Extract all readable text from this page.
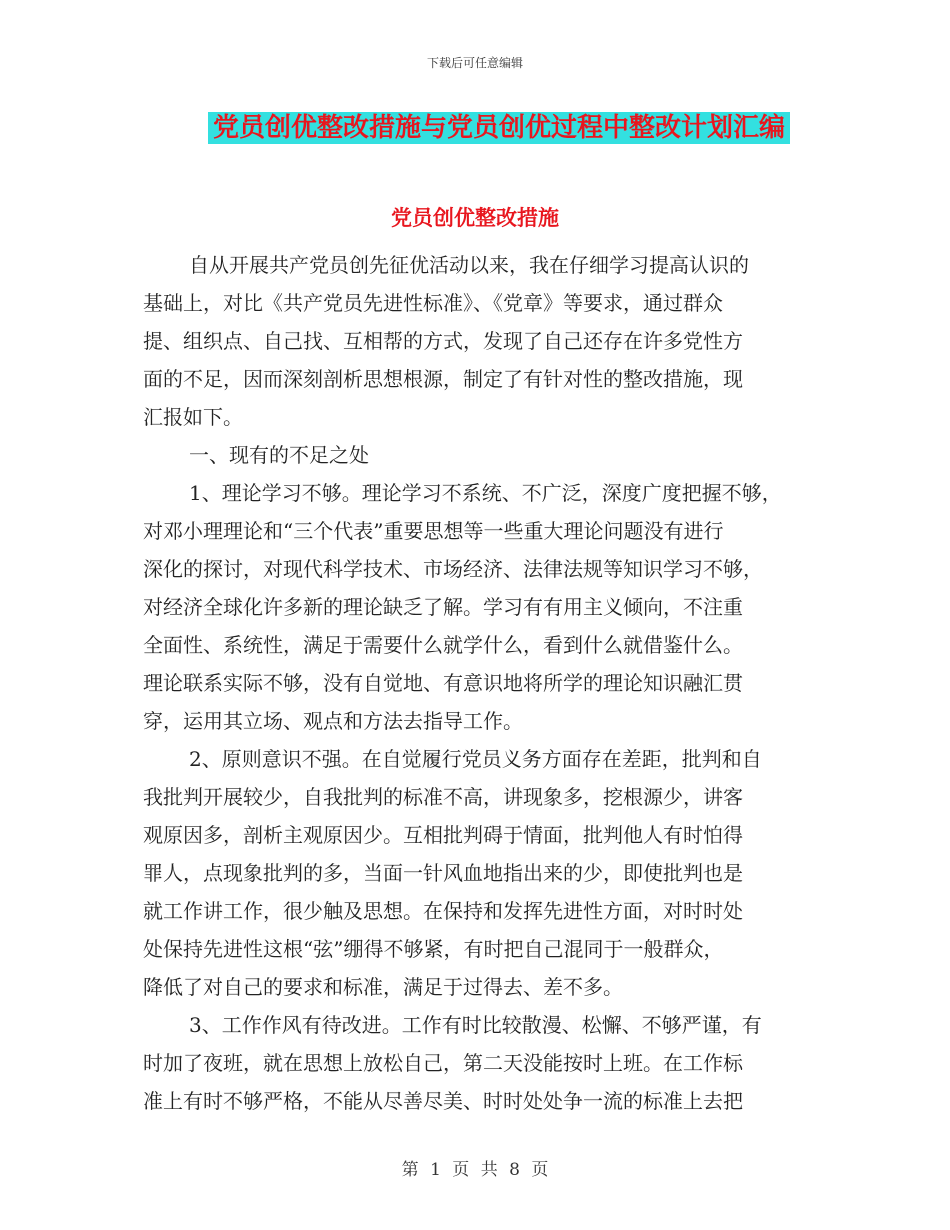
下载后可任意编辑
党员创优整改措施与党员创优过程中整改计划汇编
党员创优整改措施
自从开展共产党员创先征优活动以来，我在仔细学习提高认识的
基础上，对比《共产党员先进性标准》、《党章》等要求，通过群众
提、组织点、自己找、互相帮的方式，发现了自己还存在许多党性方
面的不足，因而深刻剖析思想根源，制定了有针对性的整改措施，现
汇报如下。
一、现有的不足之处
1、理论学习不够。理论学习不系统、不广泛，深度广度把握不够，
对邓小理理论和“三个代表”重要思想等一些重大理论问题没有进行
深化的探讨，对现代科学技术、市场经济、法律法规等知识学习不够，
对经济全球化许多新的理论缺乏了解。学习有有用主义倾向，不注重
全面性、系统性，满足于需要什么就学什么，看到什么就借鉴什么。
理论联系实际不够，没有自觉地、有意识地将所学的理论知识融汇贯
穿，运用其立场、观点和方法去指导工作。
2、原则意识不强。在自觉履行党员义务方面存在差距，批判和自
我批判开展较少，自我批判的标准不高，讲现象多，挖根源少，讲客
观原因多，剖析主观原因少。互相批判碍于情面，批判他人有时怕得
罪人，点现象批判的多，当面一针风血地指出来的少，即使批判也是
就工作讲工作，很少触及思想。在保持和发挥先进性方面，对时时处
处保持先进性这根“弦”绷得不够紧，有时把自己混同于一般群众，
降低了对自己的要求和标准，满足于过得去、差不多。
3、工作作风有待改进。工作有时比较散漫、松懈、不够严谨，有
时加了夜班，就在思想上放松自己，第二天没能按时上班。在工作标
准上有时不够严格，不能从尽善尽美、时时处处争一流的标准上去把
第 1 页 共 8 页
